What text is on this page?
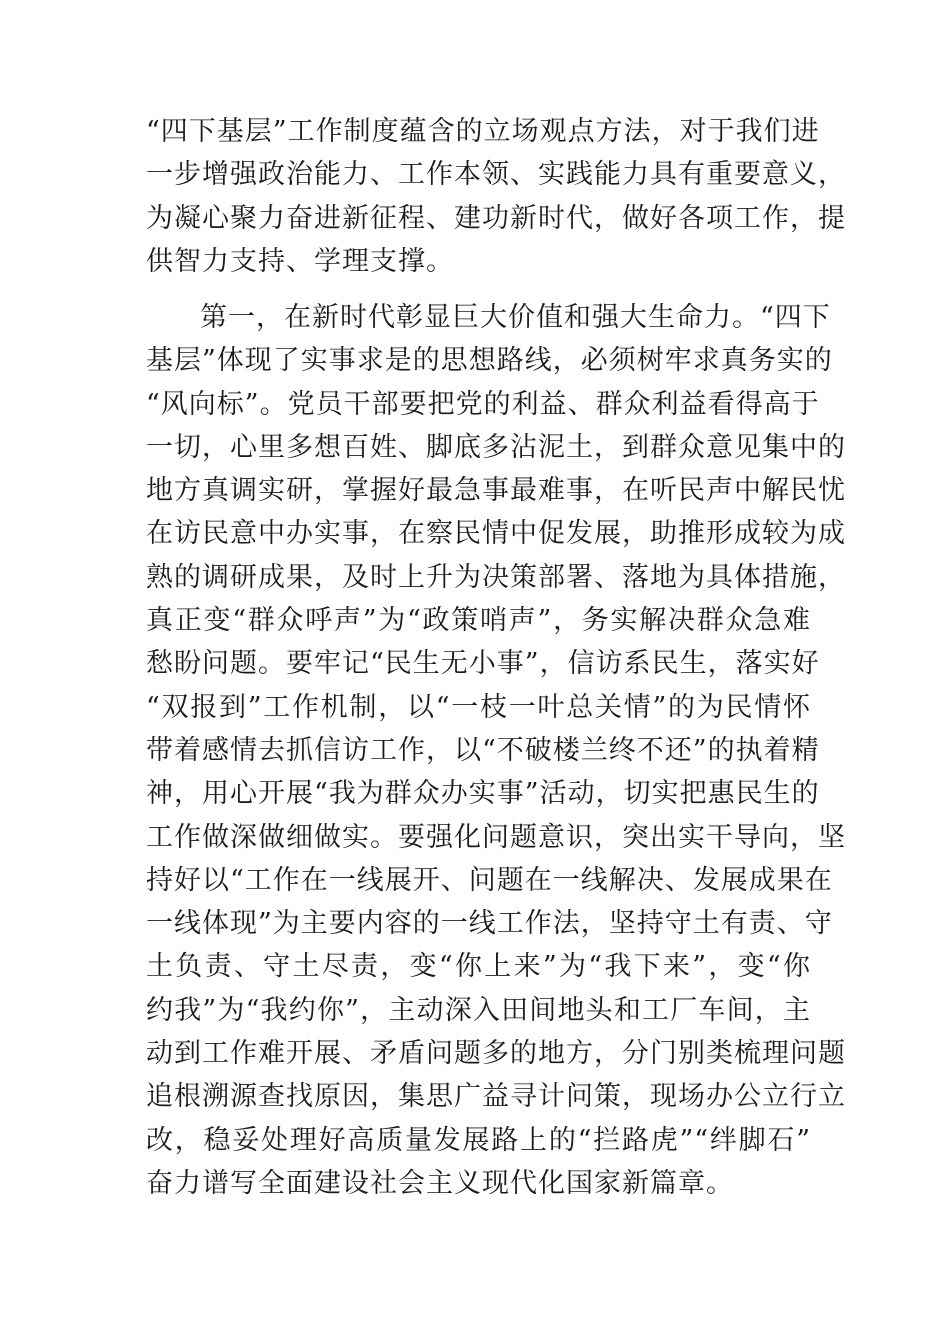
“四下基层”工作制度蕴含的立场观点方法，对于我们进
一步增强政治能力、工作本领、实践能力具有重要意义，
为凝心聚力奋进新征程、建功新时代，做好各项工作，提
供智力支持、学理支撑。
第一，在新时代彰显巨大价值和强大生命力。“四下
基层”体现了实事求是的思想路线，必须树牢求真务实的
“风向标”。党员干部要把党的利益、群众利益看得高于
一切，心里多想百姓、脚底多沾泥土，到群众意见集中的
地方真调实研，掌握好最急事最难事，在听民声中解民忧
在访民意中办实事，在察民情中促发展，助推形成较为成
熟的调研成果，及时上升为决策部署、落地为具体措施，
真正变“群众呼声”为“政策哨声”，务实解决群众急难
愁盼问题。要牢记“民生无小事”，信访系民生，落实好
“双报到”工作机制，以“一枝一叶总关情”的为民情怀
带着感情去抓信访工作，以“不破楼兰终不还”的执着精
神，用心开展“我为群众办实事”活动，切实把惠民生的
工作做深做细做实。要强化问题意识，突出实干导向，坚
持好以“工作在一线展开、问题在一线解决、发展成果在
一线体现”为主要内容的一线工作法，坚持守土有责、守
土负责、守土尽责，变“你上来”为“我下来”，变“你
约我”为“我约你”，主动深入田间地头和工厂车间，主
动到工作难开展、矛盾问题多的地方，分门别类梳理问题
追根溯源查找原因，集思广益寻计问策，现场办公立行立
改，稳妥处理好高质量发展路上的“拦路虎”“绊脚石”
奋力谱写全面建设社会主义现代化国家新篇章。
